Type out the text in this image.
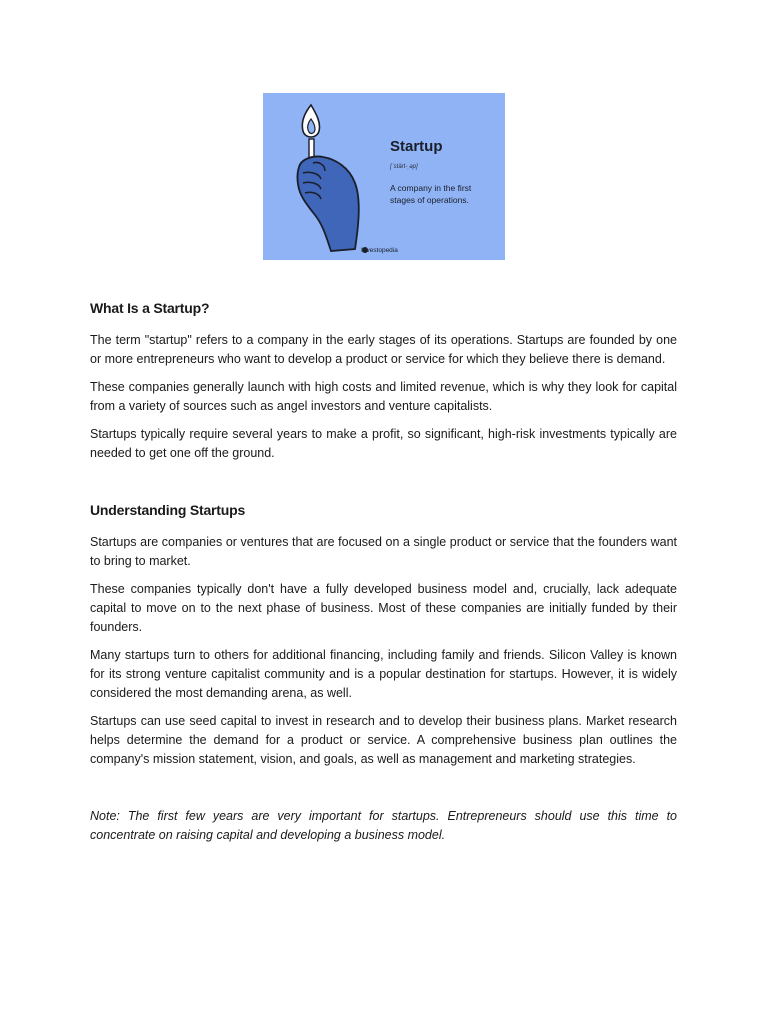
Startup
[ˈstärt-ˌəp]
A company in the first stages of operations.
Investopedia
What Is a Startup?

The term "startup" refers to a company in the early stages of its operations. Startups are founded by one or more entrepreneurs who want to develop a product or service for which they believe there is demand.

These companies generally launch with high costs and limited revenue, which is why they look for capital from a variety of sources such as angel investors and venture capitalists.

Startups typically require several years to make a profit, so significant, high-risk investments typically are needed to get one off the ground.

Understanding Startups

Startups are companies or ventures that are focused on a single product or service that the founders want to bring to market.

These companies typically don't have a fully developed business model and, crucially, lack adequate capital to move on to the next phase of business. Most of these companies are initially funded by their founders.

Many startups turn to others for additional financing, including family and friends. Silicon Valley is known for its strong venture capitalist community and is a popular destination for startups. However, it is widely considered the most demanding arena, as well.

Startups can use seed capital to invest in research and to develop their business plans. Market research helps determine the demand for a product or service. A comprehensive business plan outlines the company's mission statement, vision, and goals, as well as management and marketing strategies.

Note: The first few years are very important for startups. Entrepreneurs should use this time to concentrate on raising capital and developing a business model.
